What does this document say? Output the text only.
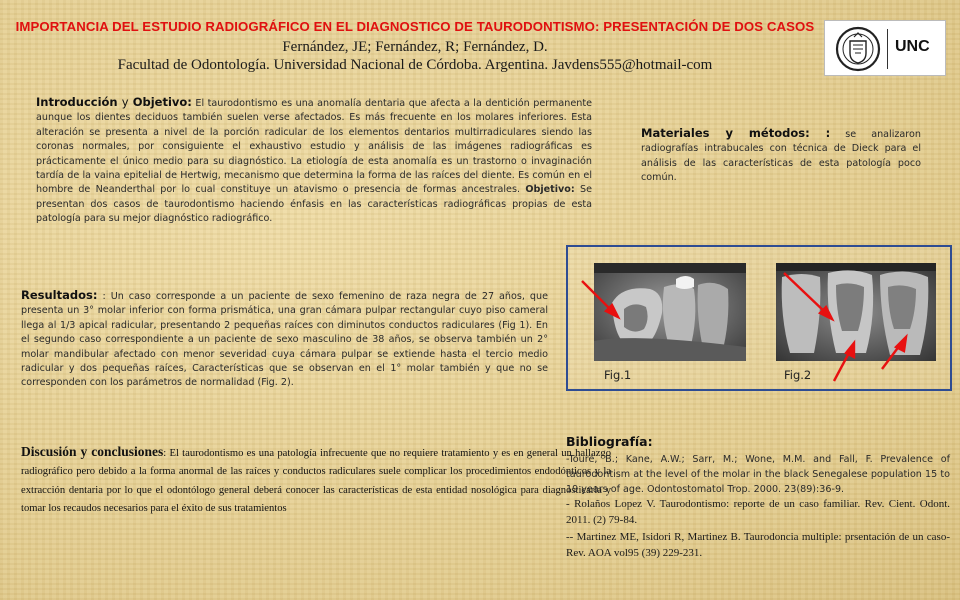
IMPORTANCIA DEL ESTUDIO RADIOGRÁFICO EN EL DIAGNOSTICO DE TAURODONTISMO: PRESENTACIÓN DE DOS CASOS
Fernández, JE; Fernández, R; Fernández, D.
Facultad de Odontología. Universidad Nacional de Córdoba. Argentina. Javdens555@hotmail-com
UNC
Introducción y Objetivo: El taurodontismo es una anomalía dentaria que afecta a la dentición permanente aunque los dientes deciduos también suelen verse afectados. Es más frecuente en los molares inferiores. Esta alteración se presenta a nivel de la porción radicular de los elementos dentarios multirradiculares siendo las coronas normales, por consiguiente el exhaustivo estudio y análisis de las imágenes radiográficas es prácticamente el único medio para su diagnóstico. La etiología de esta anomalía es un trastorno o invaginación tardía de la vaina epitelial de Hertwig, mecanismo que determina la forma de las raíces del diente. Es común en el hombre de Neanderthal por lo cual constituye un atavismo o presencia de formas ancestrales. Objetivo: Se presentan dos casos de taurodontismo haciendo énfasis en las características radiográficas propias de esta patología para su mejor diagnóstico radiográfico.
Materiales y métodos: : se analizaron radiografías intrabucales con técnica de Dieck para el análisis de las características de esta patología poco común.
Resultados: : Un caso corresponde a un paciente de sexo femenino de raza negra de 27 años, que presenta un 3° molar inferior con forma prismática, una gran cámara pulpar rectangular cuyo piso cameral llega al 1/3 apical radicular, presentando 2 pequeñas raíces con diminutos conductos radiculares (Fig 1). En el segundo caso correspondiente a un paciente de sexo masculino de 38 años, se observa también un 2° molar mandibular afectado con menor severidad cuya cámara pulpar se extiende hasta el tercio medio radicular y dos pequeñas raíces, Características que se observan en el 1° molar también y que no se corresponden con los parámetros de normalidad (Fig. 2).
Fig.1	Fig.2
Discusión y conclusiones: El taurodontismo es una patología infrecuente que no requiere tratamiento y es en general un hallazgo radiográfico pero debido a la forma anormal de las raíces y conductos radiculares suele complicar los procedimientos endodónticos y la extracción dentaria por lo que el odontólogo general deberá conocer las características de esta entidad nosológica para diagnosticarla y tomar los recaudos necesarios para el éxito de sus tratamientos
Bibliografía:
-Touré, B.; Kane, A.W.; Sarr, M.; Wone, M.M. and Fall, F. Prevalence of taurodontism at the level of the molar in the black Senegalese population 15 to 19 years of age. Odontostomatol Trop. 2000. 23(89):36-9.
- Rolaños Lopez V. Taurodontismo: reporte de un caso familiar. Rev. Cient. Odont. 2011. (2) 79-84.
-- Martinez ME, Isidori R, Martinez B. Taurodoncia multiple: prsentación de un caso- Rev. AOA vol95 (39) 229-231.
